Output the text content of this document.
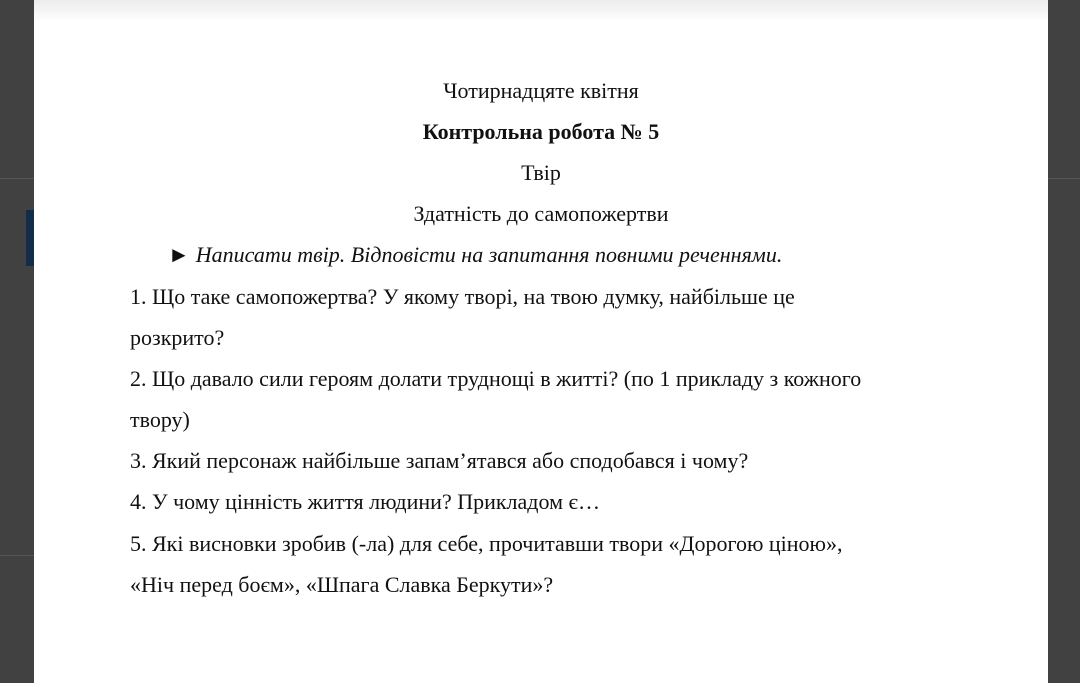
Чотирнадцяте квітня
Контрольна робота № 5
Твір
Здатність до самопожертви
► Написати твір. Відповісти на запитання повними реченнями.
1. Що таке самопожертва? У якому творі, на твою думку, найбільше це
розкрито?
2. Що давало сили героям долати труднощі в житті? (по 1 прикладу з кожного
твору)
3. Який персонаж найбільше запам’ятався або сподобався і чому?
4. У чому цінність життя людини? Прикладом є…
5. Які висновки зробив (-ла) для себе, прочитавши твори «Дорогою ціною»,
«Ніч перед боєм», «Шпага Славка Беркути»?
